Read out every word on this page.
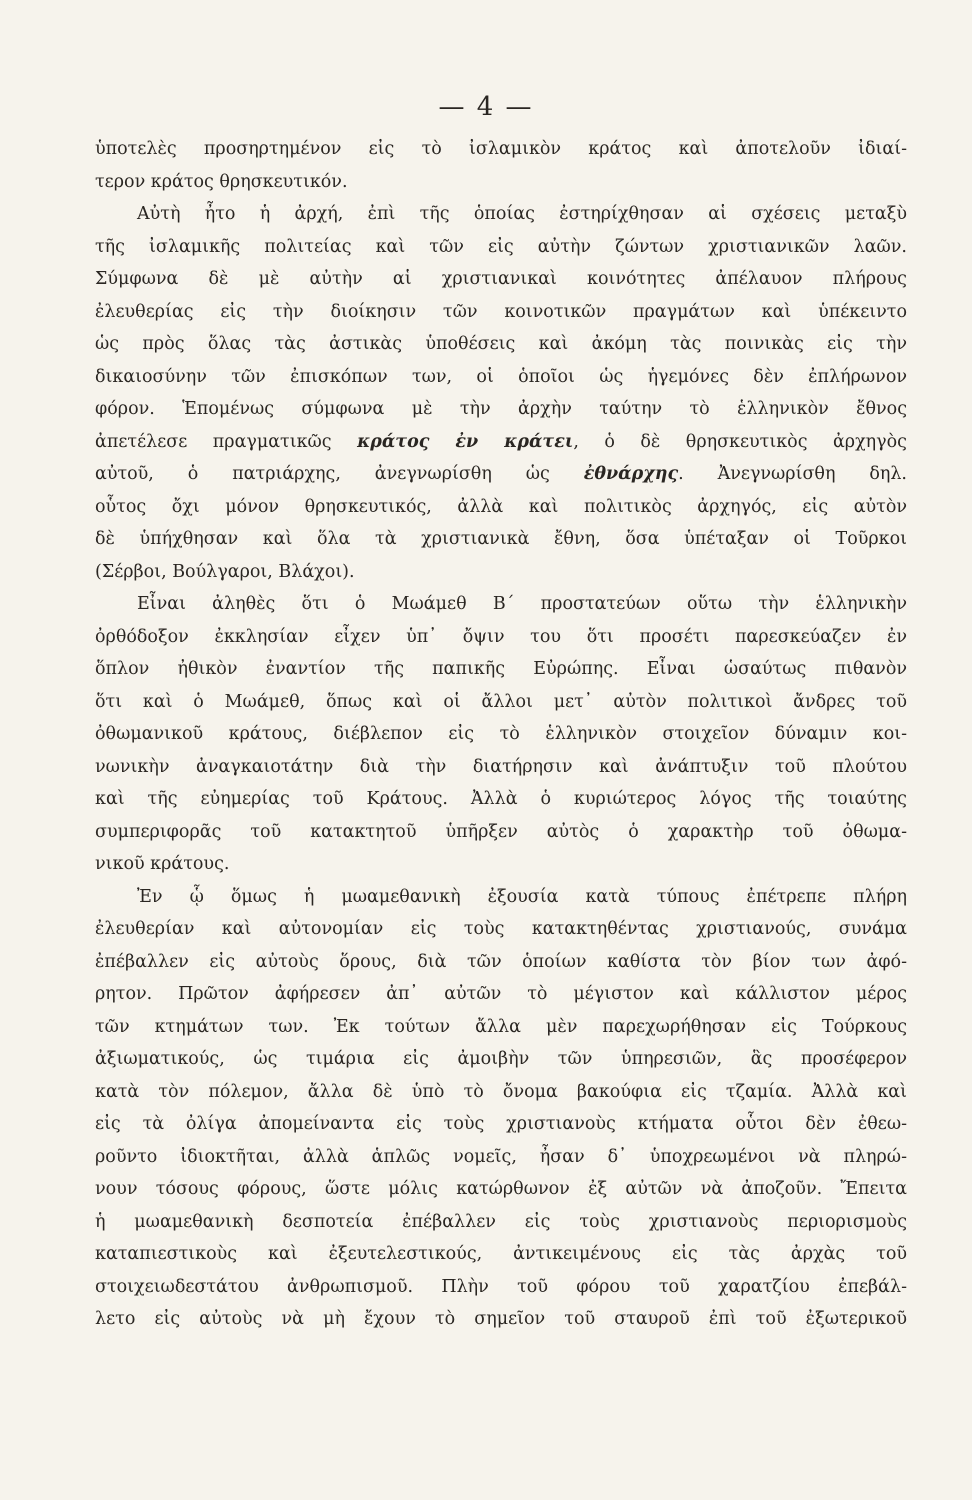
— 4 —
ὑποτελὲς προσηρτημένον εἰς τὸ ἰσλαμικὸν κράτος καὶ ἀποτελοῦν ἰδιαί-
τερον κράτος θρησκευτικόν.
Αὐτὴ ἦτο ἡ ἀρχή, ἐπὶ τῆς ὁποίας ἐστηρίχθησαν αἱ σχέσεις μεταξὺ
τῆς ἰσλαμικῆς πολιτείας καὶ τῶν εἰς αὐτὴν ζώντων χριστιανικῶν λαῶν.
Σύμφωνα δὲ μὲ αὐτὴν αἱ χριστιανικαὶ κοινότητες ἀπέλαυον πλήρους
ἐλευθερίας εἰς τὴν διοίκησιν τῶν κοινοτικῶν πραγμάτων καὶ ὑπέκειντο
ὡς πρὸς ὅλας τὰς ἀστικὰς ὑποθέσεις καὶ ἀκόμη τὰς ποινικὰς εἰς τὴν
δικαιοσύνην τῶν ἐπισκόπων των, οἱ ὁποῖοι ὡς ἡγεμόνες δὲν ἐπλήρωνον
φόρον. Ἑπομένως σύμφωνα μὲ τὴν ἀρχὴν ταύτην τὸ ἑλληνικὸν ἔθνος
ἀπετέλεσε πραγματικῶς κράτος ἐν κράτει, ὁ δὲ θρησκευτικὸς ἀρχηγὸς
αὐτοῦ, ὁ πατριάρχης, ἀνεγνωρίσθη ὡς ἐθνάρχης. Ἀνεγνωρίσθη δηλ.
οὗτος ὄχι μόνον θρησκευτικός, ἀλλὰ καὶ πολιτικὸς ἀρχηγός, εἰς αὐτὸν
δὲ ὑπήχθησαν καὶ ὅλα τὰ χριστιανικὰ ἔθνη, ὅσα ὑπέταξαν οἱ Τοῦρκοι
(Σέρβοι, Βούλγαροι, Βλάχοι).
Εἶναι ἀληθὲς ὅτι ὁ Μωάμεθ Β΄ προστατεύων οὕτω τὴν ἑλληνικὴν
ὀρθόδοξον ἐκκλησίαν εἶχεν ὑπ᾿ ὄψιν του ὅτι προσέτι παρεσκεύαζεν ἐν
ὅπλον ἠθικὸν ἐναντίον τῆς παπικῆς Εὐρώπης. Εἶναι ὡσαύτως πιθανὸν
ὅτι καὶ ὁ Μωάμεθ, ὅπως καὶ οἱ ἄλλοι μετ᾿ αὐτὸν πολιτικοὶ ἄνδρες τοῦ
ὀθωμανικοῦ κράτους, διέβλεπον εἰς τὸ ἑλληνικὸν στοιχεῖον δύναμιν κοι-
νωνικὴν ἀναγκαιοτάτην διὰ τὴν διατήρησιν καὶ ἀνάπτυξιν τοῦ πλούτου
καὶ τῆς εὐημερίας τοῦ Κράτους. Ἀλλὰ ὁ κυριώτερος λόγος τῆς τοιαύτης
συμπεριφορᾶς τοῦ κατακτητοῦ ὑπῆρξεν αὐτὸς ὁ χαρακτὴρ τοῦ ὀθωμα-
νικοῦ κράτους.
Ἐν ᾧ ὅμως ἡ μωαμεθανικὴ ἐξουσία κατὰ τύπους ἐπέτρεπε πλήρη
ἐλευθερίαν καὶ αὐτονομίαν εἰς τοὺς κατακτηθέντας χριστιανούς, συνάμα
ἐπέβαλλεν εἰς αὐτοὺς ὅρους, διὰ τῶν ὁποίων καθίστα τὸν βίον των ἀφό-
ρητον. Πρῶτον ἀφήρεσεν ἀπ᾿ αὐτῶν τὸ μέγιστον καὶ κάλλιστον μέρος
τῶν κτημάτων των. Ἐκ τούτων ἄλλα μὲν παρεχωρήθησαν εἰς Τούρκους
ἀξιωματικούς, ὡς τιμάρια εἰς ἀμοιβὴν τῶν ὑπηρεσιῶν, ἃς προσέφερον
κατὰ τὸν πόλεμον, ἄλλα δὲ ὑπὸ τὸ ὄνομα βακούφια εἰς τζαμία. Ἀλλὰ καὶ
εἰς τὰ ὀλίγα ἀπομείναντα εἰς τοὺς χριστιανοὺς κτήματα οὗτοι δὲν ἐθεω-
ροῦντο ἰδιοκτῆται, ἀλλὰ ἁπλῶς νομεῖς, ἦσαν δ᾿ ὑποχρεωμένοι νὰ πληρώ-
νουν τόσους φόρους, ὥστε μόλις κατώρθωνον ἐξ αὐτῶν νὰ ἀποζοῦν. Ἔπειτα
ἡ μωαμεθανικὴ δεσποτεία ἐπέβαλλεν εἰς τοὺς χριστιανοὺς περιορισμοὺς
καταπιεστικοὺς καὶ ἐξευτελεστικούς, ἀντικειμένους εἰς τὰς ἀρχὰς τοῦ
στοιχειωδεστάτου ἀνθρωπισμοῦ. Πλὴν τοῦ φόρου τοῦ χαρατζίου ἐπεβάλ-
λετο εἰς αὐτοὺς νὰ μὴ ἔχουν τὸ σημεῖον τοῦ σταυροῦ ἐπὶ τοῦ ἐξωτερικοῦ
